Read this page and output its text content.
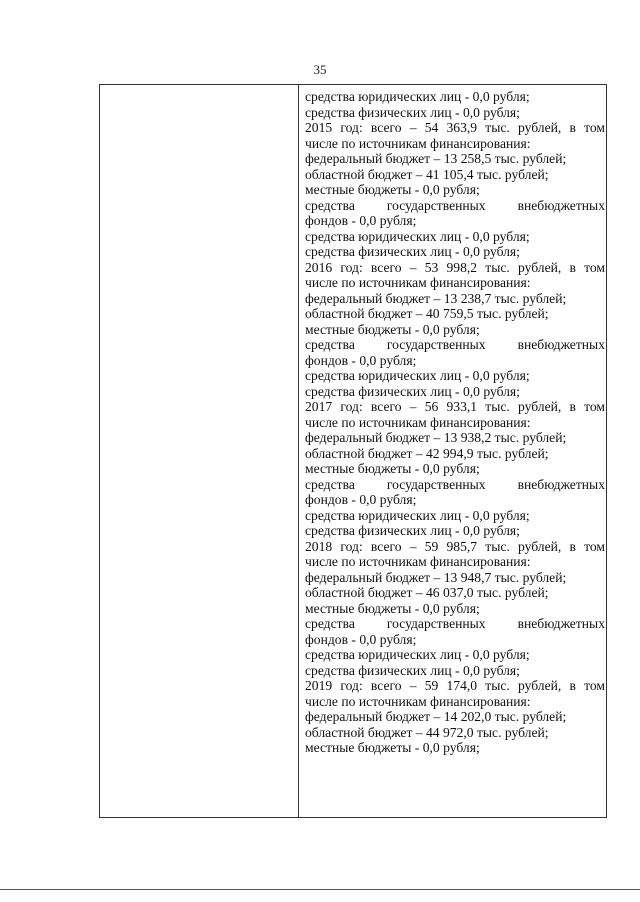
35
средства юридических лиц - 0,0 рубля;
средства физических лиц - 0,0 рубля;
2015 год: всего – 54 363,9 тыс. рублей, в том
числе по источникам финансирования:
федеральный бюджет – 13 258,5 тыс. рублей;
областной бюджет – 41 105,4 тыс. рублей;
местные бюджеты - 0,0 рубля;
средства государственных внебюджетных
фондов - 0,0 рубля;
средства юридических лиц - 0,0 рубля;
средства физических лиц - 0,0 рубля;
2016 год: всего – 53 998,2 тыс. рублей, в том
числе по источникам финансирования:
федеральный бюджет – 13 238,7 тыс. рублей;
областной бюджет – 40 759,5 тыс. рублей;
местные бюджеты - 0,0 рубля;
средства государственных внебюджетных
фондов - 0,0 рубля;
средства юридических лиц - 0,0 рубля;
средства физических лиц - 0,0 рубля;
2017 год: всего – 56 933,1 тыс. рублей, в том
числе по источникам финансирования:
федеральный бюджет – 13 938,2 тыс. рублей;
областной бюджет – 42 994,9 тыс. рублей;
местные бюджеты - 0,0 рубля;
средства государственных внебюджетных
фондов - 0,0 рубля;
средства юридических лиц - 0,0 рубля;
средства физических лиц - 0,0 рубля;
2018 год: всего – 59 985,7 тыс. рублей, в том
числе по источникам финансирования:
федеральный бюджет – 13 948,7 тыс. рублей;
областной бюджет – 46 037,0 тыс. рублей;
местные бюджеты - 0,0 рубля;
средства государственных внебюджетных
фондов - 0,0 рубля;
средства юридических лиц - 0,0 рубля;
средства физических лиц - 0,0 рубля;
2019 год: всего – 59 174,0 тыс. рублей, в том
числе по источникам финансирования:
федеральный бюджет – 14 202,0 тыс. рублей;
областной бюджет – 44 972,0 тыс. рублей;
местные бюджеты - 0,0 рубля;
